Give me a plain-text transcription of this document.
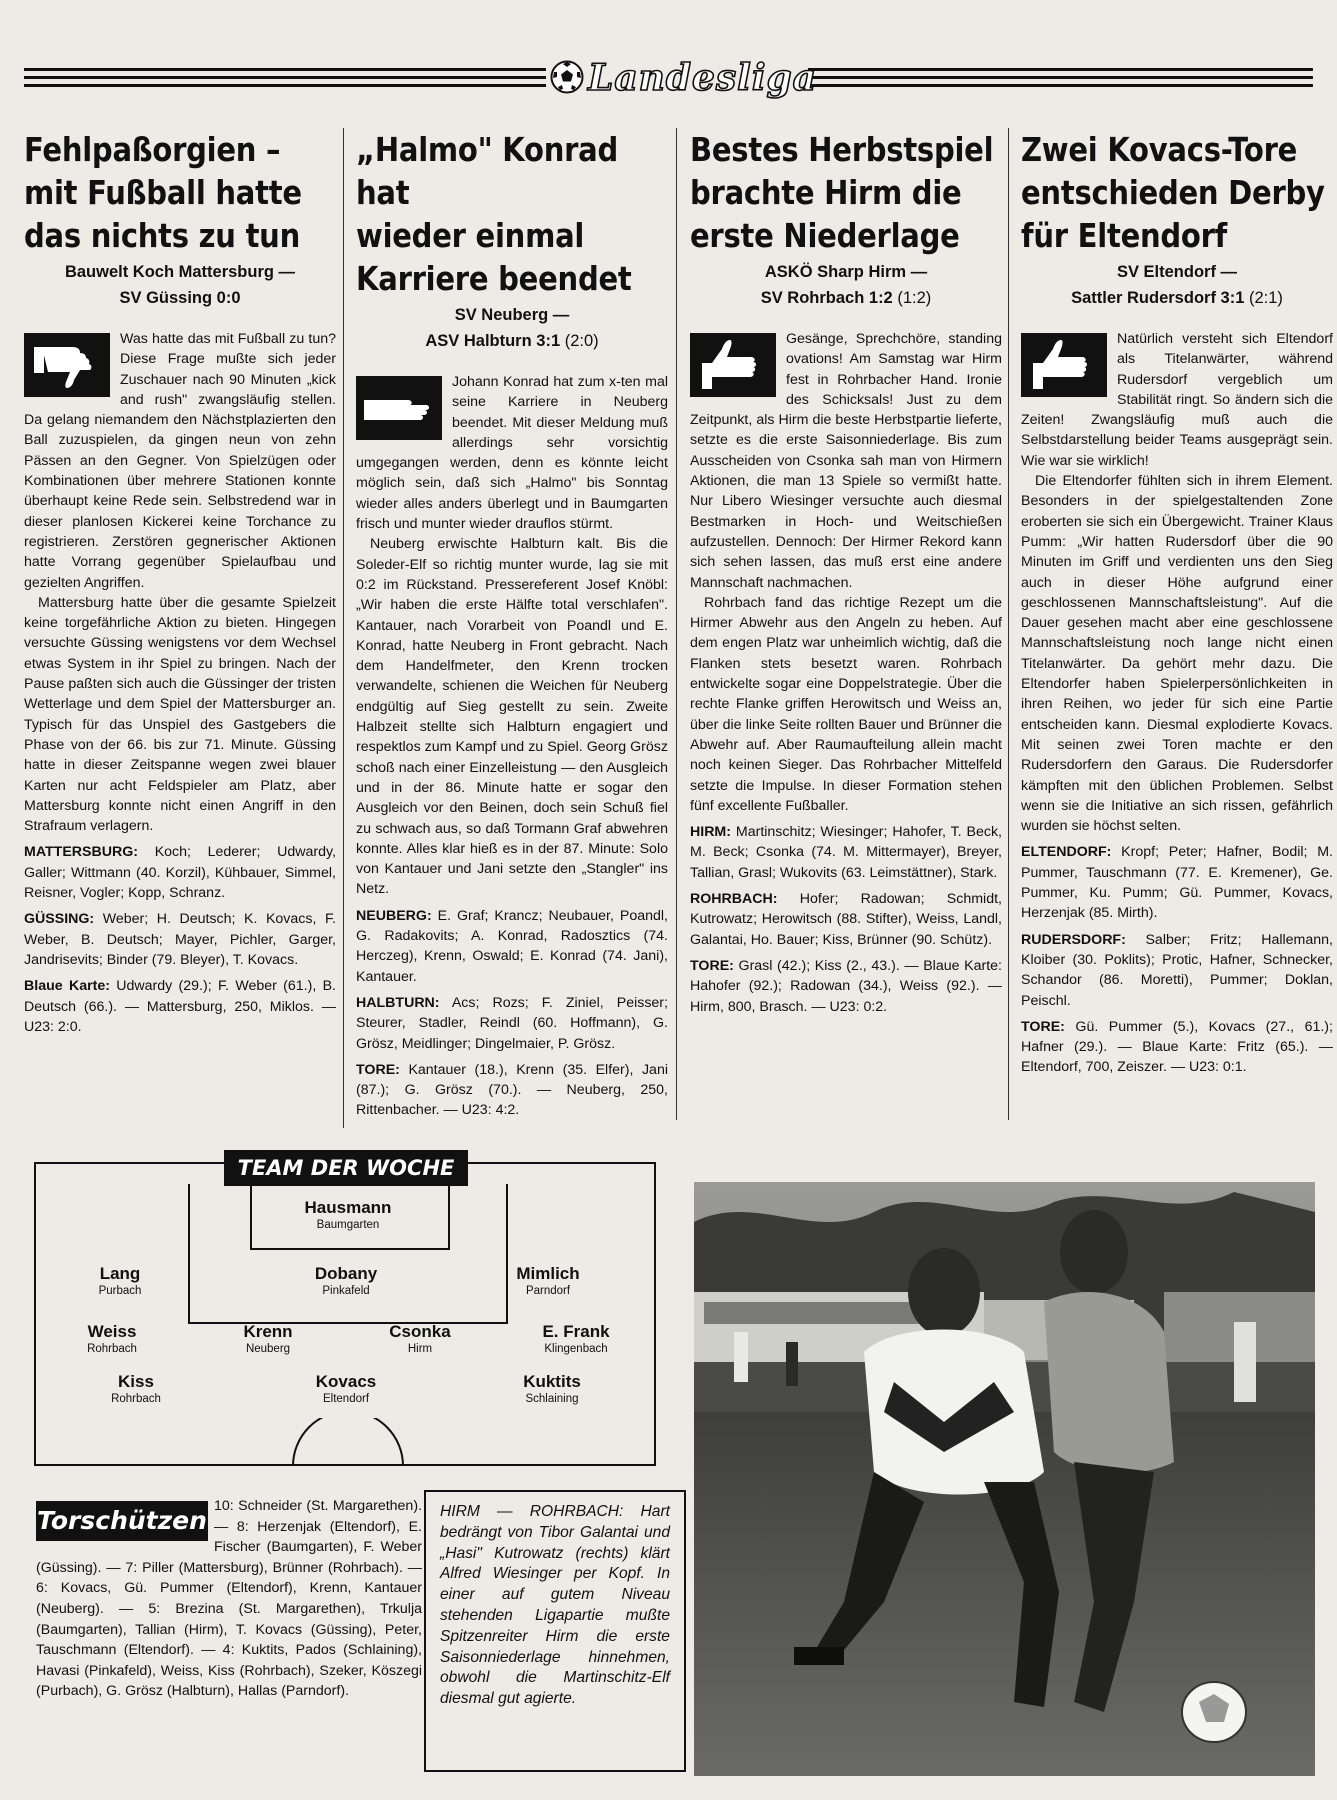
Landesliga
Fehlpaßorgien –
mit Fußball hatte
das nichts zu tun
Bauwelt Koch Mattersburg —
SV Güssing 0:0

Was hatte das mit Fußball zu tun? Diese Frage mußte sich jeder Zuschauer nach 90 Minuten „kick and rush" zwangsläufig stellen. Da gelang niemandem den Nächstplazierten den Ball zuzuspielen, da gingen neun von zehn Pässen an den Gegner. Von Spielzügen oder Kombinationen über mehrere Stationen konnte überhaupt keine Rede sein. Selbstredend war in dieser planlosen Kickerei keine Torchance zu registrieren. Zerstören gegnerischer Aktionen hatte Vorrang gegenüber Spielaufbau und gezielten Angriffen.

Mattersburg hatte über die gesamte Spielzeit keine torgefährliche Aktion zu bieten. Hingegen versuchte Güssing wenigstens vor dem Wechsel etwas System in ihr Spiel zu bringen. Nach der Pause paßten sich auch die Güssinger der tristen Wetterlage und dem Spiel der Mattersburger an. Typisch für das Unspiel des Gastgebers die Phase von der 66. bis zur 71. Minute. Güssing hatte in dieser Zeitspanne wegen zwei blauer Karten nur acht Feldspieler am Platz, aber Mattersburg konnte nicht einen Angriff in den Strafraum verlagern.

MATTERSBURG: Koch; Lederer; Udwardy, Galler; Wittmann (40. Korzil), Kühbauer, Simmel, Reisner, Vogler; Kopp, Schranz.

GÜSSING: Weber; H. Deutsch; K. Kovacs, F. Weber, B. Deutsch; Mayer, Pichler, Garger, Jandrisevits; Binder (79. Bleyer), T. Kovacs.

Blaue Karte: Udwardy (29.); F. Weber (61.), B. Deutsch (66.). — Mattersburg, 250, Miklos. — U23: 2:0.

„Halmo" Konrad hat
wieder einmal
Karriere beendet
SV Neuberg —
ASV Halbturn 3:1 (2:0)

Johann Konrad hat zum x-ten mal seine Karriere in Neuberg beendet. Mit dieser Meldung muß allerdings sehr vorsichtig umgegangen werden, denn es könnte leicht möglich sein, daß sich „Halmo" bis Sonntag wieder alles anders überlegt und in Baumgarten frisch und munter wieder drauflos stürmt.

Neuberg erwischte Halbturn kalt. Bis die Soleder-Elf so richtig munter wurde, lag sie mit 0:2 im Rückstand. Pressereferent Josef Knöbl: „Wir haben die erste Hälfte total verschlafen". Kantauer, nach Vorarbeit von Poandl und E. Konrad, hatte Neuberg in Front gebracht. Nach dem Handelfmeter, den Krenn trocken verwandelte, schienen die Weichen für Neuberg endgültig auf Sieg gestellt zu sein. Zweite Halbzeit stellte sich Halbturn engagiert und respektlos zum Kampf und zu Spiel. Georg Grösz schoß nach einer Einzelleistung — den Ausgleich und in der 86. Minute hatte er sogar den Ausgleich vor den Beinen, doch sein Schuß fiel zu schwach aus, so daß Tormann Graf abwehren konnte. Alles klar hieß es in der 87. Minute: Solo von Kantauer und Jani setzte den „Stangler" ins Netz.

NEUBERG: E. Graf; Krancz; Neubauer, Poandl, G. Radakovits; A. Konrad, Radosztics (74. Herczeg), Krenn, Oswald; E. Konrad (74. Jani), Kantauer.

HALBTURN: Acs; Rozs; F. Ziniel, Peisser; Steurer, Stadler, Reindl (60. Hoffmann), G. Grösz, Meidlinger; Dingelmaier, P. Grösz.

TORE: Kantauer (18.), Krenn (35. Elfer), Jani (87.); G. Grösz (70.). — Neuberg, 250, Rittenbacher. — U23: 4:2.

Bestes Herbstspiel
brachte Hirm die
erste Niederlage
ASKÖ Sharp Hirm —
SV Rohrbach 1:2 (1:2)

Gesänge, Sprechchöre, standing ovations! Am Samstag war Hirm fest in Rohrbacher Hand. Ironie des Schicksals! Just zu dem Zeitpunkt, als Hirm die beste Herbstpartie lieferte, setzte es die erste Saisonniederlage. Bis zum Ausscheiden von Csonka sah man von Hirmern Aktionen, die man 13 Spiele so vermißt hatte. Nur Libero Wiesinger versuchte auch diesmal Bestmarken in Hoch- und Weitschießen aufzustellen. Dennoch: Der Hirmer Rekord kann sich sehen lassen, das muß erst eine andere Mannschaft nachmachen.

Rohrbach fand das richtige Rezept um die Hirmer Abwehr aus den Angeln zu heben. Auf dem engen Platz war unheimlich wichtig, daß die Flanken stets besetzt waren. Rohrbach entwickelte sogar eine Doppelstrategie. Über die rechte Flanke griffen Herowitsch und Weiss an, über die linke Seite rollten Bauer und Brünner die Abwehr auf. Aber Raumaufteilung allein macht noch keinen Sieger. Das Rohrbacher Mittelfeld setzte die Impulse. In dieser Formation stehen fünf excellente Fußballer.

HIRM: Martinschitz; Wiesinger; Hahofer, T. Beck, M. Beck; Csonka (74. M. Mittermayer), Breyer, Tallian, Grasl; Wukovits (63. Leimstättner), Stark.

ROHRBACH: Hofer; Radowan; Schmidt, Kutrowatz; Herowitsch (88. Stifter), Weiss, Landl, Galantai, Ho. Bauer; Kiss, Brünner (90. Schütz).

TORE: Grasl (42.); Kiss (2., 43.). — Blaue Karte: Hahofer (92.); Radowan (34.), Weiss (92.). — Hirm, 800, Brasch. — U23: 0:2.

Zwei Kovacs-Tore
entschieden Derby
für Eltendorf
SV Eltendorf —
Sattler Rudersdorf 3:1 (2:1)

Natürlich versteht sich Eltendorf als Titelanwärter, während Rudersdorf vergeblich um Stabilität ringt. So ändern sich die Zeiten! Zwangsläufig muß auch die Selbstdarstellung beider Teams ausgeprägt sein. Wie war sie wirklich!

Die Eltendorfer fühlten sich in ihrem Element. Besonders in der spielgestaltenden Zone eroberten sie sich ein Übergewicht. Trainer Klaus Pumm: „Wir hatten Rudersdorf über die 90 Minuten im Griff und verdienten uns den Sieg auch in dieser Höhe aufgrund einer geschlossenen Mannschaftsleistung". Auf die Dauer gesehen macht aber eine geschlossene Mannschaftsleistung noch lange nicht einen Titelanwärter. Da gehört mehr dazu. Die Eltendorfer haben Spielerpersönlichkeiten in ihren Reihen, wo jeder für sich eine Partie entscheiden kann. Diesmal explodierte Kovacs. Mit seinen zwei Toren machte er den Rudersdorfern den Garaus. Die Rudersdorfer kämpften mit den üblichen Problemen. Selbst wenn sie die Initiative an sich rissen, gefährlich wurden sie höchst selten.

ELTENDORF: Kropf; Peter; Hafner, Bodil; M. Pummer, Tauschmann (77. E. Kremener), Ge. Pummer, Ku. Pumm; Gü. Pummer, Kovacs, Herzenjak (85. Mirth).

RUDERSDORF: Salber; Fritz; Hallemann, Kloiber (30. Poklits); Protic, Hafner, Schnecker, Schandor (86. Moretti), Pummer; Doklan, Peischl.

TORE: Gü. Pummer (5.), Kovacs (27., 61.); Hafner (29.). — Blaue Karte: Fritz (65.). — Eltendorf, 700, Zeiszer. — U23: 0:1.

TEAM DER WOCHE
Hausmann
Baumgarten
Lang
Purbach
Dobany
Pinkafeld
Mimlich
Parndorf
Weiss
Rohrbach
Krenn
Neuberg
Csonka
Hirm
E. Frank
Klingenbach
Kiss
Rohrbach
Kovacs
Eltendorf
Kuktits
Schlaining
10: Schneider (St. Margarethen). — 8: Herzenjak (Eltendorf), E. Fischer (Baumgarten), F. Weber (Güssing). — 7: Piller (Mattersburg), Brünner (Rohrbach). — 6: Kovacs, Gü. Pummer (Eltendorf), Krenn, Kantauer (Neuberg). — 5: Brezina (St. Margarethen), Trkulja (Baumgarten), Tallian (Hirm), T. Kovacs (Güssing), Peter, Tauschmann (Eltendorf). — 4: Kuktits, Pados (Schlaining), Havasi (Pinkafeld), Weiss, Kiss (Rohrbach), Szeker, Köszegi (Purbach), G. Grösz (Halbturn), Hallas (Parndorf).
Torschützen	HIRM — ROHRBACH: Hart bedrängt von Tibor Galantai und „Hasi" Kutrowatz (rechts) klärt Alfred Wiesinger per Kopf. In einer auf gutem Niveau stehenden Ligapartie mußte Spitzenreiter Hirm die erste Saisonniederlage hinnehmen, obwohl die Martinschitz-Elf diesmal gut agierte.
